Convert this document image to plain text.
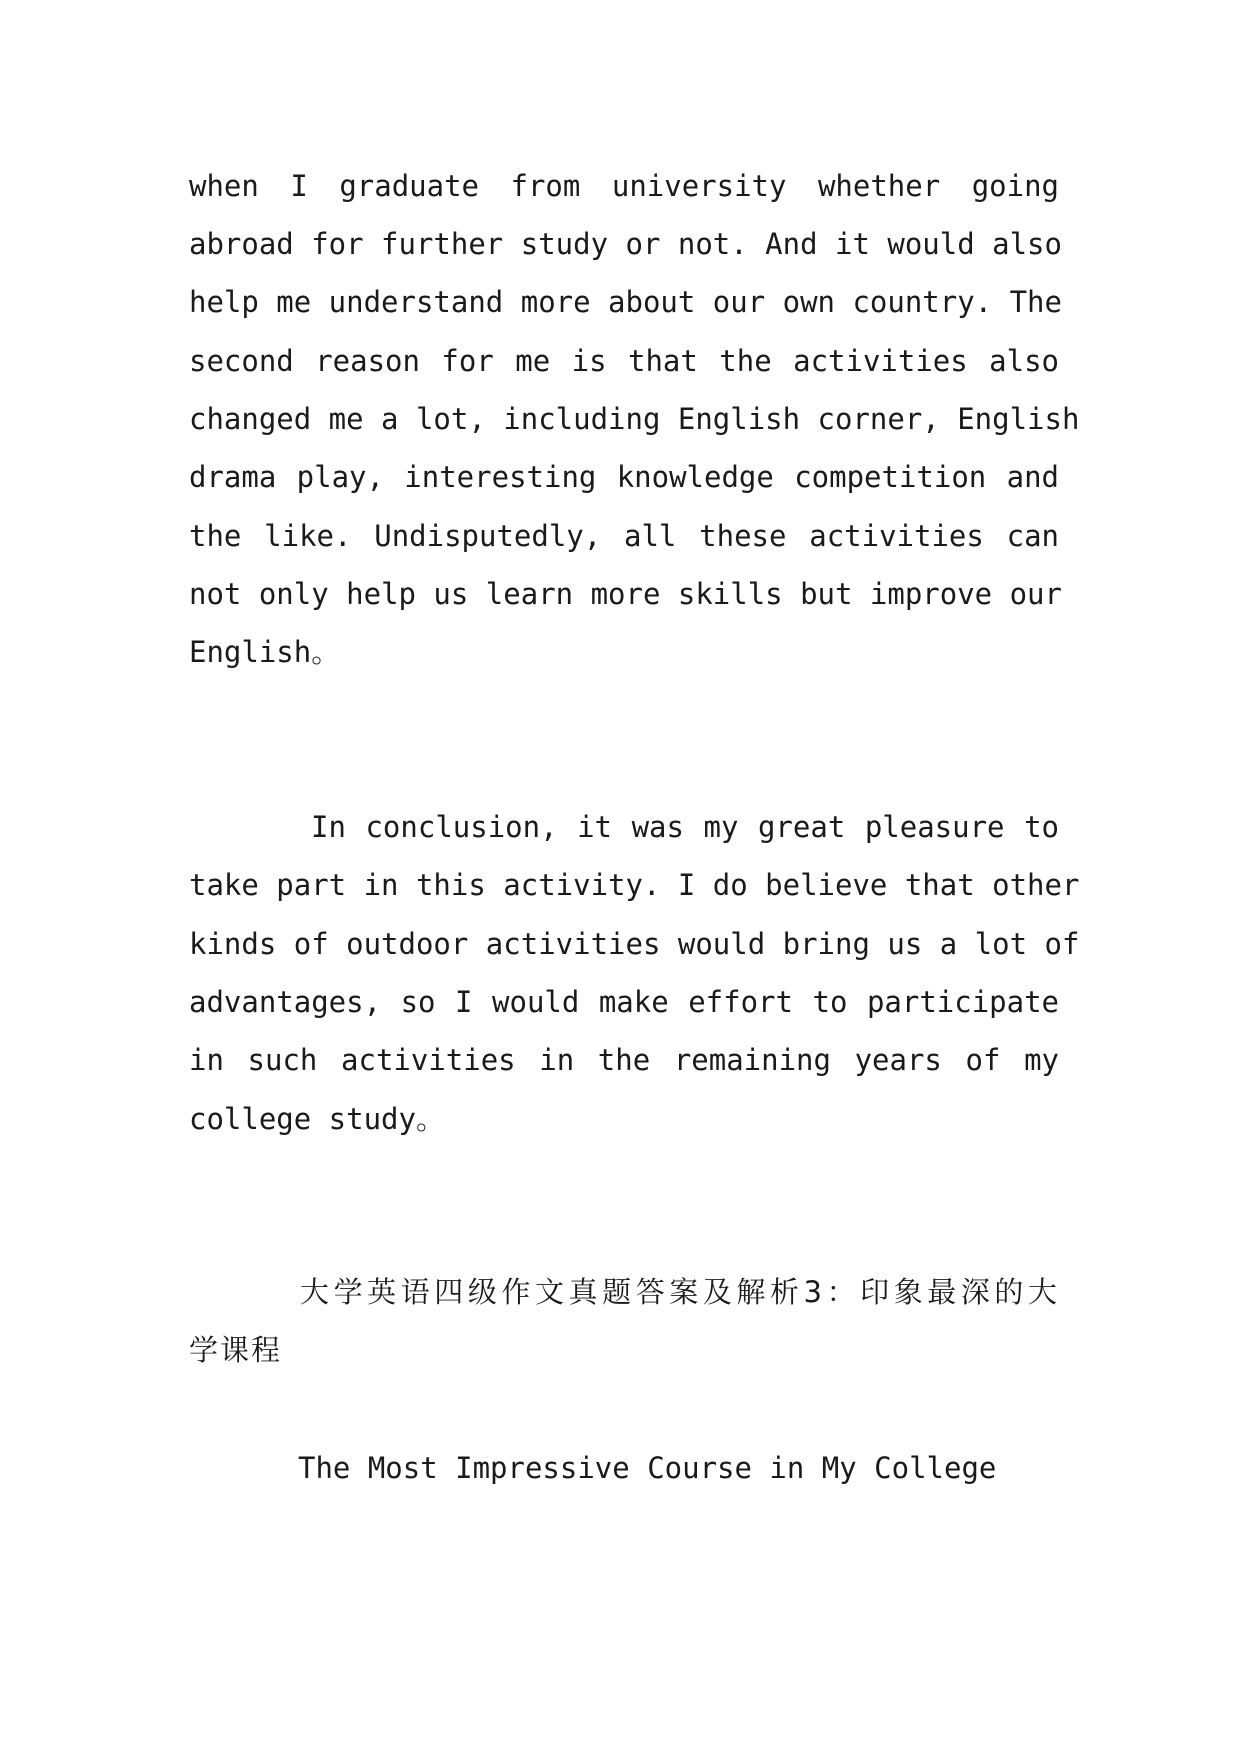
when I graduate from university whether going
abroad for further study or not. And it would also
help me understand more about our own country. The
second reason for me is that the activities also
changed me a lot, including English corner, English
drama play, interesting knowledge competition and
the like. Undisputedly, all these activities can
not only help us learn more skills but improve our
English。
In conclusion, it was my great pleasure to
take part in this activity. I do believe that other
kinds of outdoor activities would bring us a lot of
advantages, so I would make effort to participate
in such activities in the remaining years of my
college study。
大学英语四级作文真题答案及解析3：印象最深的大
学课程
The Most Impressive Course in My College
